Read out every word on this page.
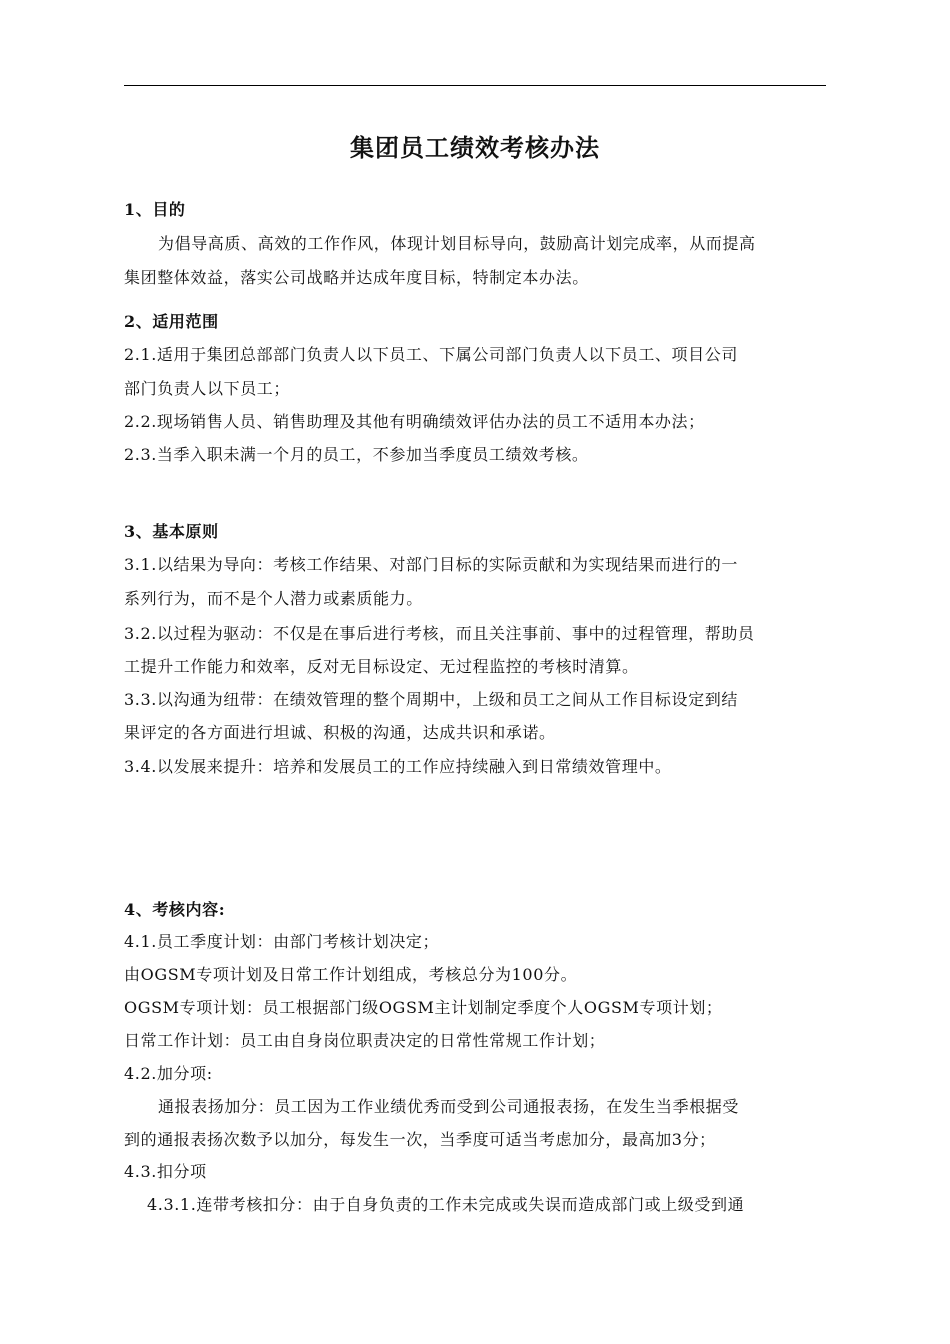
集团员工绩效考核办法
1、目的
为倡导高质、高效的工作作风，体现计划目标导向，鼓励高计划完成率，从而提高
集团整体效益，落实公司战略并达成年度目标，特制定本办法。
2、适用范围
2.1.适用于集团总部部门负责人以下员工、下属公司部门负责人以下员工、项目公司
部门负责人以下员工；
2.2.现场销售人员、销售助理及其他有明确绩效评估办法的员工不适用本办法；
2.3.当季入职未满一个月的员工，不参加当季度员工绩效考核。
3、基本原则
3.1.以结果为导向：考核工作结果、对部门目标的实际贡献和为实现结果而进行的一
系列行为，而不是个人潜力或素质能力。
3.2.以过程为驱动：不仅是在事后进行考核，而且关注事前、事中的过程管理，帮助员
工提升工作能力和效率，反对无目标设定、无过程监控的考核时清算。
3.3.以沟通为纽带：在绩效管理的整个周期中，上级和员工之间从工作目标设定到结
果评定的各方面进行坦诚、积极的沟通，达成共识和承诺。
3.4.以发展来提升：培养和发展员工的工作应持续融入到日常绩效管理中。
4、考核内容:
4.1.员工季度计划：由部门考核计划决定；
由OGSM专项计划及日常工作计划组成，考核总分为100分。
OGSM专项计划：员工根据部门级OGSM主计划制定季度个人OGSM专项计划；
日常工作计划：员工由自身岗位职责决定的日常性常规工作计划；
4.2.加分项:
通报表扬加分：员工因为工作业绩优秀而受到公司通报表扬，在发生当季根据受
到的通报表扬次数予以加分，每发生一次，当季度可适当考虑加分，最高加3分；
4.3.扣分项
4.3.1.连带考核扣分：由于自身负责的工作未完成或失误而造成部门或上级受到通
